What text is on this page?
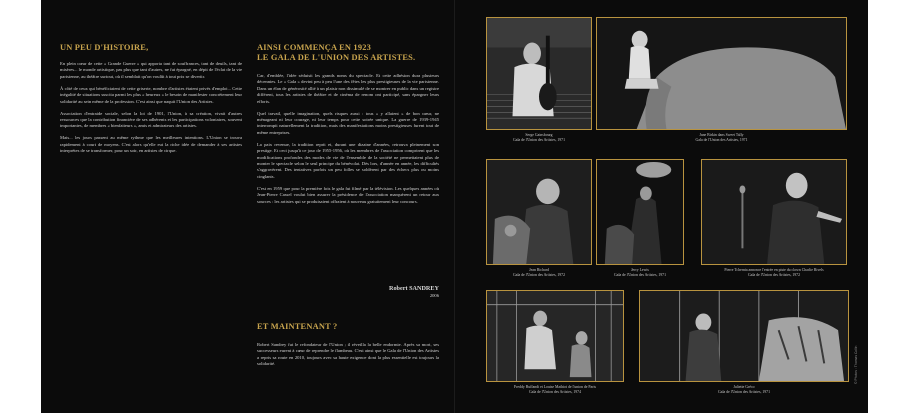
UN PEU D'HISTOIRE,

En plein cœur de cette « Grande Guerre » qui apporta tant de souffrances, tant de deuils, tant de misères... le monde artistique, pas plus que tant d'autres, ne fut épargné, en dépit de l'éclat de la vie parisienne, au théâtre surtout, où il semblait qu'on voulût à tout prix se divertir.

À côté de ceux qui bénéficiaient de cette griserie, nombre d'artistes étaient privés d'emploi... Cette inégalité de situations suscita parmi les plus « heureux » le besoin de manifester concrètement leur solidarité au sein même de la profession. C'est ainsi que naquit l'Union des Artistes.

Association d'entraide sociale, selon la loi de 1901, l'Union, à sa création, vivait d'autres ressources que la contribution financière de ses adhérents et les participations volontaires, souvent importantes, de membres « bienfaiteurs », amis et admirateurs des artistes.

Mais... les jours passent au même rythme que les meilleures intentions. L'Union se trouva rapidement à court de moyens. C'est alors qu'elle eut la riche idée de demander à ses artistes interprètes de se transformer, pour un soir, en artistes de cirque.

AINSI COMMENÇA EN 1923
LE GALA DE L'UNION DES ARTISTES.

Car, d'emblée, l'idée séduisit les grands noms du spectacle. Et cette adhésion dura plusieurs décennies. Le « Gala » devint peu à peu l'une des fêtes les plus prestigieuses de la vie parisienne. Dans un élan de générosité allié à un plaisir non dissimulé de se montrer en public dans un registre différent, tous les artistes de théâtre et de cinéma de renom ont participé, sans épargner leurs efforts.

Quel travail, quelle imagination, quels risques aussi : tous « y allaient » de bon cœur, ne ménageant ni leur courage, ni leur temps pour cette soirée unique. La guerre de 1939-1945 interrompit naturellement la tradition, mais des manifestations moins prestigieuses furent tout de même entreprises.

La paix revenue, la tradition reprit et, durant une dizaine d'années, retrouva pleinement son prestige. Et ceci jusqu'à ce jour de 1955-1956, où les membres de l'association comprirent que les modifications profondes des modes de vie de l'ensemble de la société ne permettaient plus de monter le spectacle selon le seul principe du bénévolat. Dès lors, d'année en année, les difficultés s'aggravèrent. Des tentatives parfois un peu folles se soldèrent par des échecs plus ou moins cinglants.

C'est en 1959 que pour la première fois le gala fut filmé par la télévision. Les quelques années où Jean-Pierre Cassel voulut bien assurer la présidence de l'association marquèrent un retour aux sources : les artistes qui se produisaient offraient à nouveau gratuitement leur concours.

Robert SANDREY
2006
ET MAINTENANT ?

Robert Sandrey fut le refondateur de l'Union ; il réveilla la belle endormie. Après sa mort, ses successeurs eurent à cœur de reprendre le flambeau. C'est ainsi que le Gala de l'Union des Artistes a repris sa route en 2010, toujours avec sa haute exigence dont la plus essentielle est toujours la solidarité.

Serge Gainsbourg
Gala de l'Union des Artistes, 1971
Jane Birkin dans Sweet Tally
Gala de l'Union des Artistes, 1971
Jean Richard
Gala de l'Union des Artistes, 1972
Jerry Lewis
Gala de l'Union des Artistes, 1971
Pierre Tchernia annonce l'entrée en piste du clown Charlie Rivels
Gala de l'Union des Artistes, 1972
Freddy Buffandi et Louise Mathiot de l'union de Paris
Gala de l'Union des Artistes, 1974
Juliette Gréco
Gala de l'Union des Artistes, 1971
© Photos : Thomas Collin
